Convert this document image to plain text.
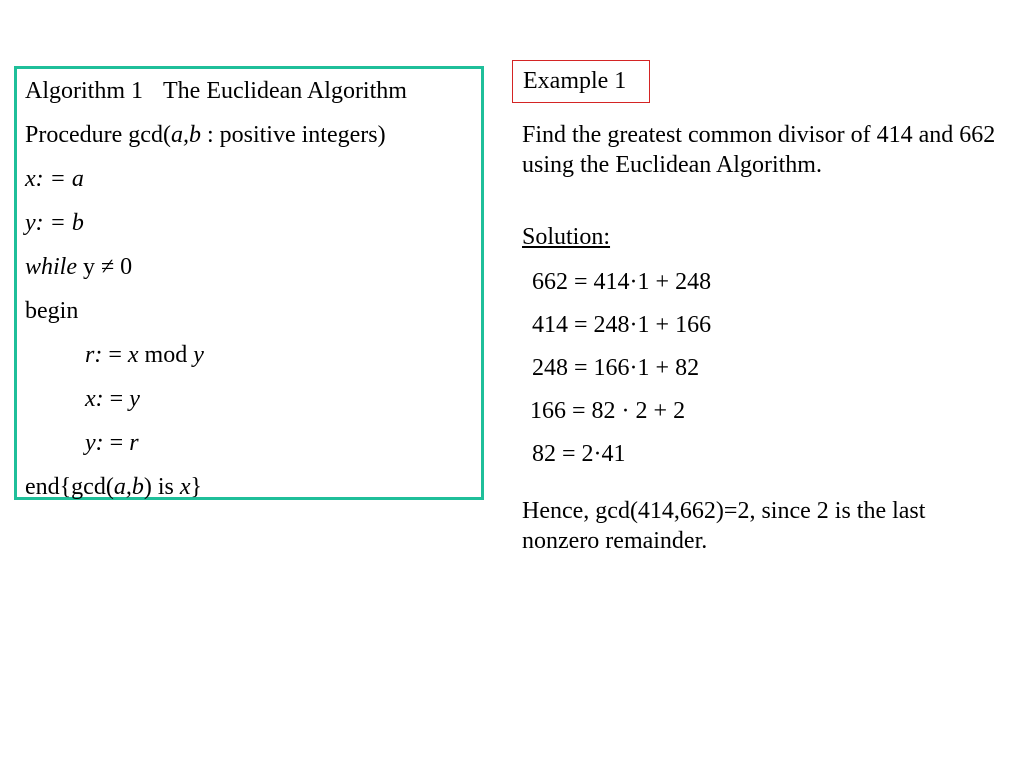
Algorithm 1 The Euclidean Algorithm
Procedure gcd(a,b : positive integers)
x: = a
y: = b
while y ≠ 0
begin
r: = x mod y
x: = y
y: = r
end{gcd(a,b) is x}
Example 1
Find the greatest common divisor of 414 and 662 using the Euclidean Algorithm.
Solution:
662 = 414·1 + 248
414 = 248·1 + 166
248 = 166·1 + 82
166 = 82 · 2 + 2
82 = 2·41
Hence, gcd(414,662)=2, since 2 is the last nonzero remainder.
